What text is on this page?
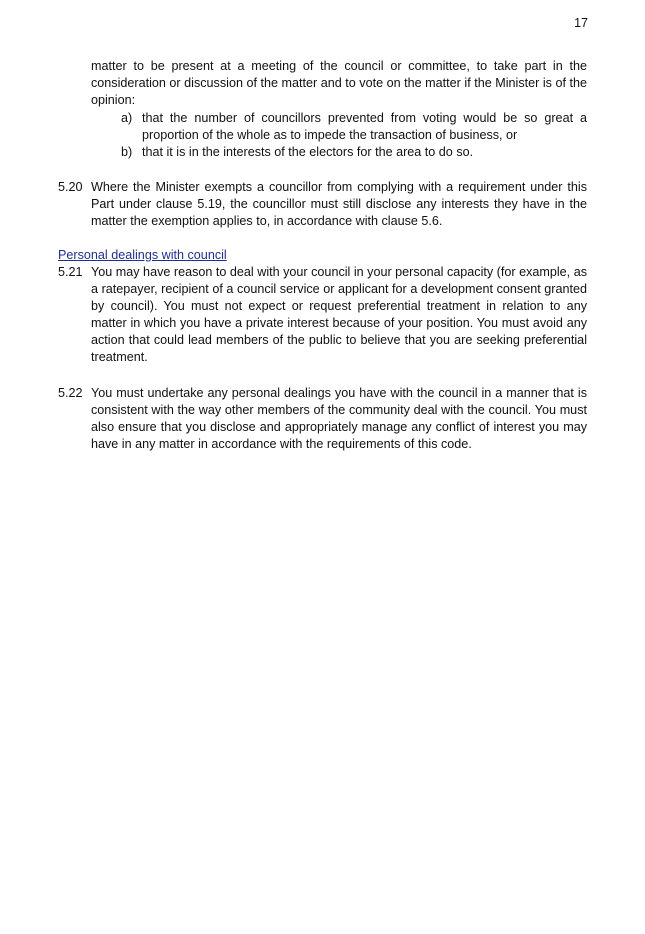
17
matter to be present at a meeting of the council or committee, to take part in the consideration or discussion of the matter and to vote on the matter if the Minister is of the opinion:
a) that the number of councillors prevented from voting would be so great a proportion of the whole as to impede the transaction of business, or
b) that it is in the interests of the electors for the area to do so.
5.20 Where the Minister exempts a councillor from complying with a requirement under this Part under clause 5.19, the councillor must still disclose any interests they have in the matter the exemption applies to, in accordance with clause 5.6.
Personal dealings with council
5.21 You may have reason to deal with your council in your personal capacity (for example, as a ratepayer, recipient of a council service or applicant for a development consent granted by council). You must not expect or request preferential treatment in relation to any matter in which you have a private interest because of your position. You must avoid any action that could lead members of the public to believe that you are seeking preferential treatment.
5.22 You must undertake any personal dealings you have with the council in a manner that is consistent with the way other members of the community deal with the council. You must also ensure that you disclose and appropriately manage any conflict of interest you may have in any matter in accordance with the requirements of this code.
